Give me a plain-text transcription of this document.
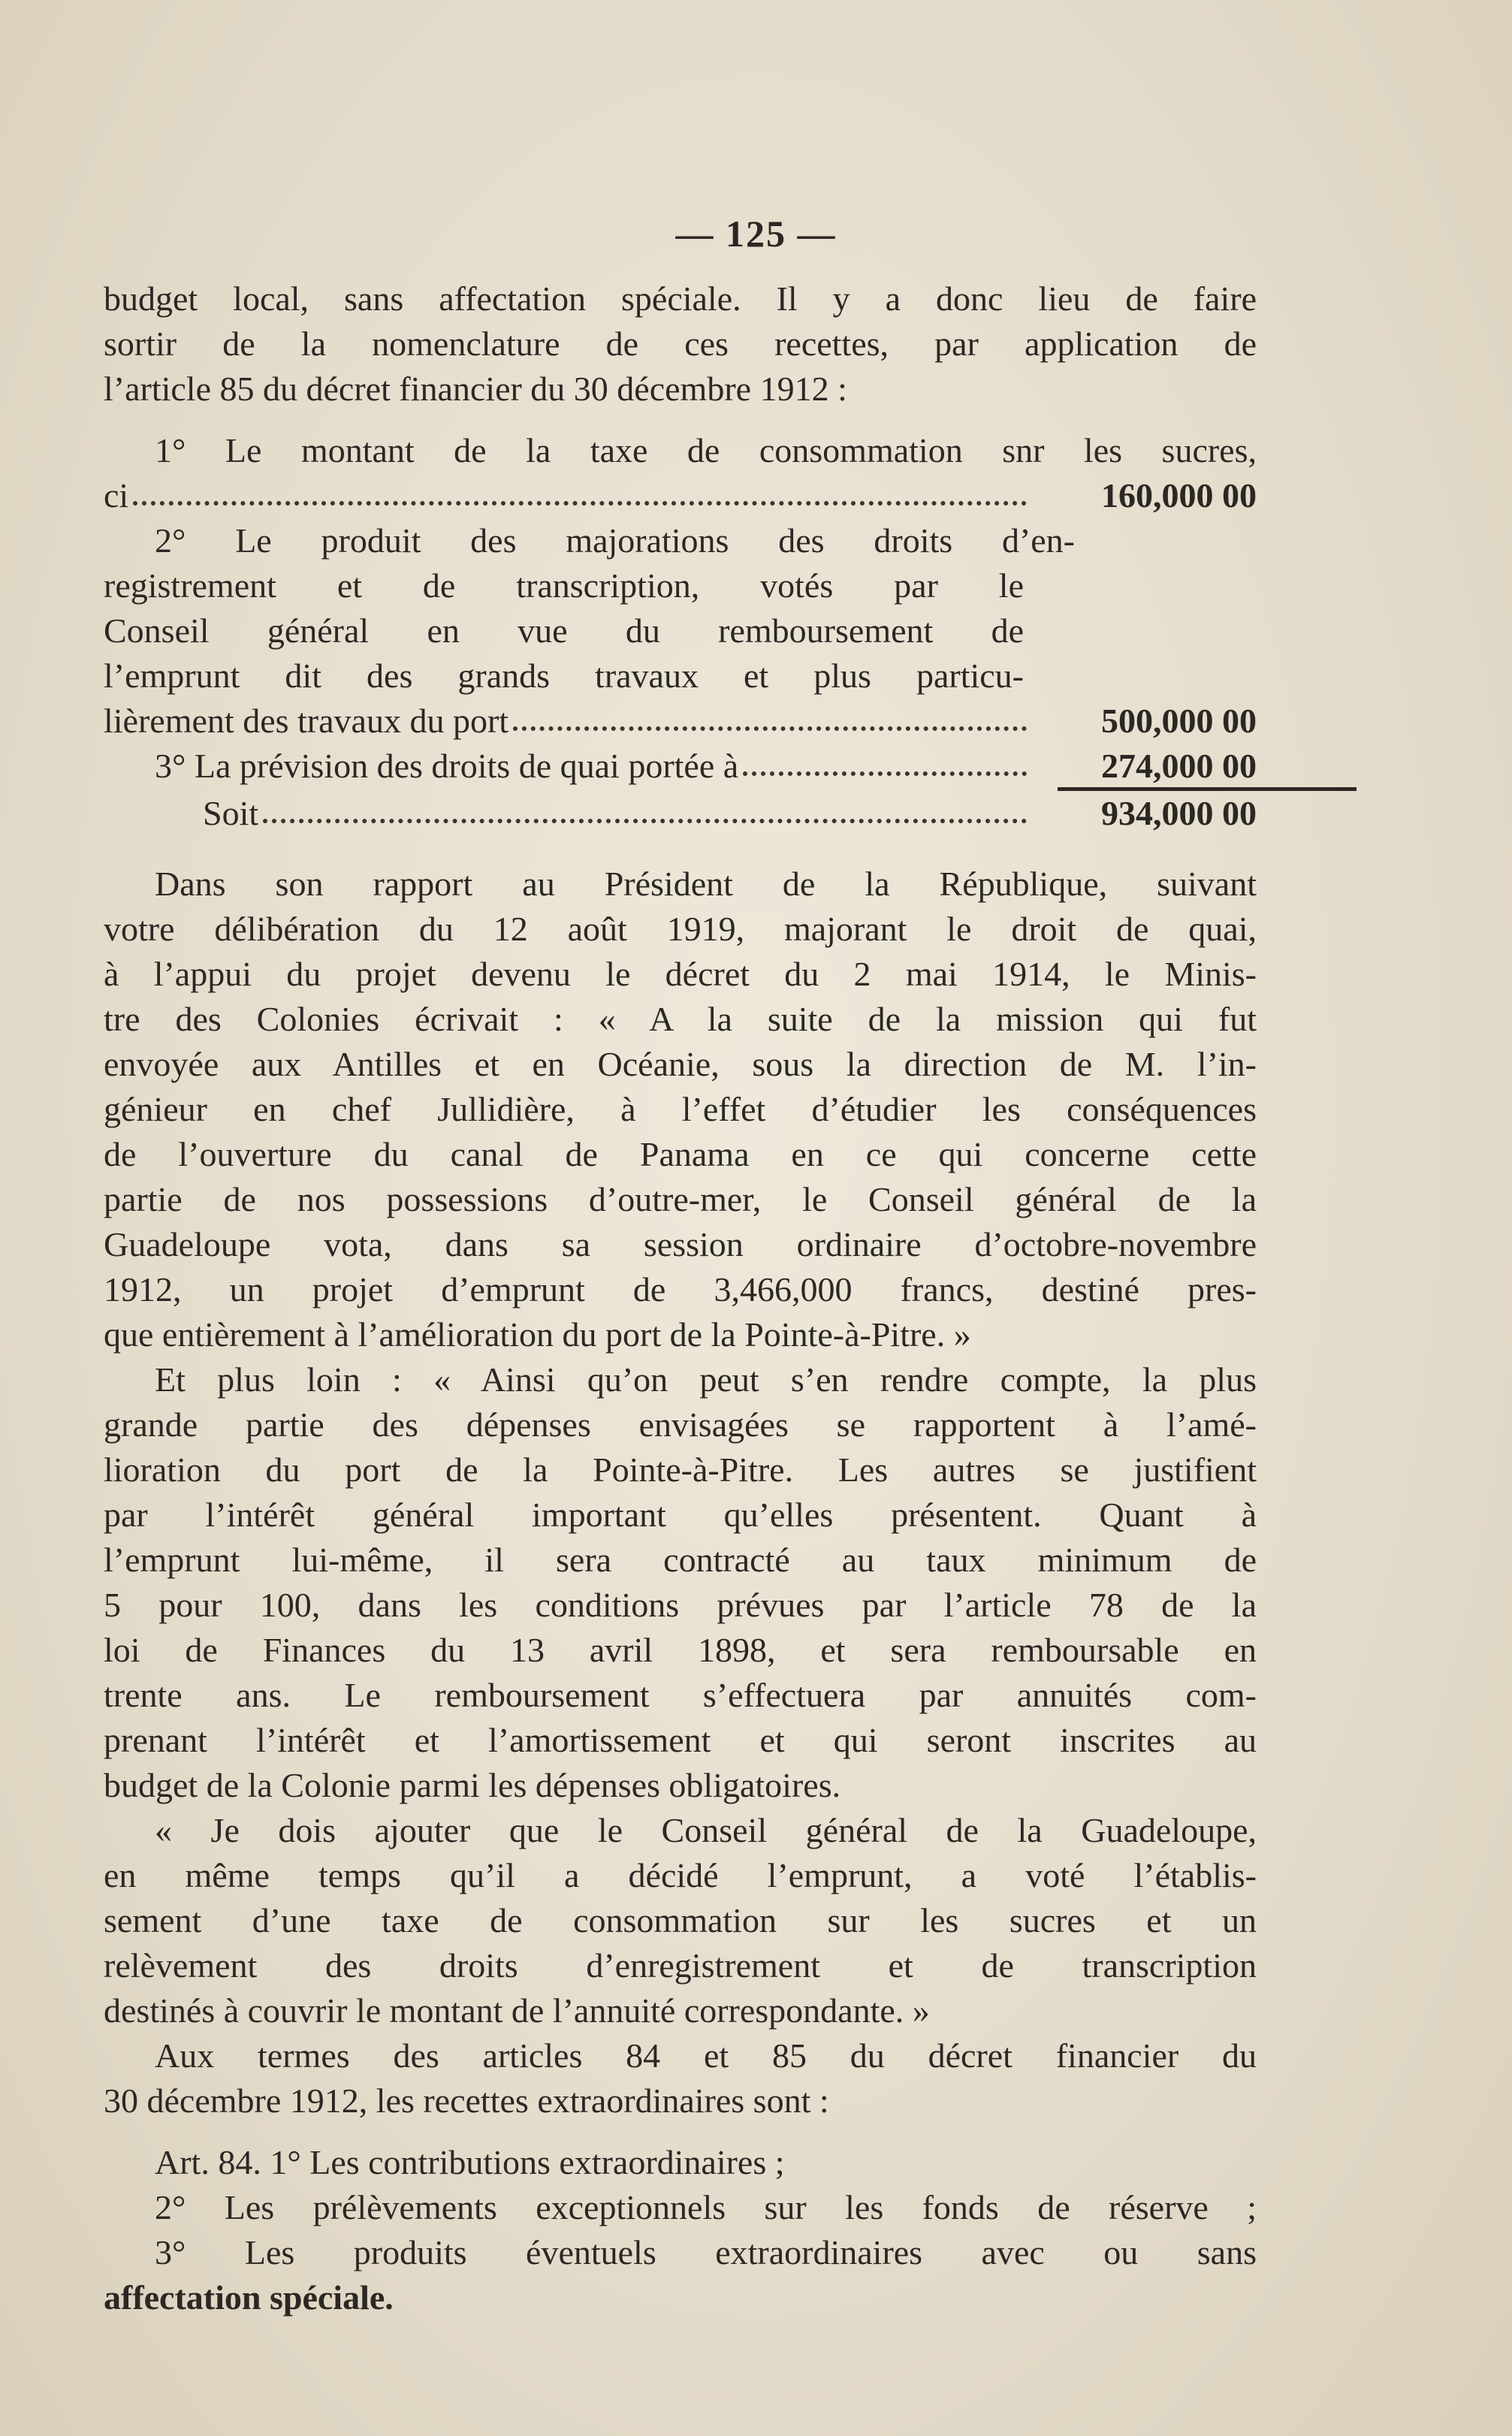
— 125 —
budget local, sans affectation spéciale. Il y a donc lieu de faire
sortir de la nomenclature de ces recettes, par application de
l’article 85 du décret financier du 30 décembre 1912 :
1° Le montant de la taxe de consommation snr les sucres,
ci	160,000 00
2° Le produit des majorations des droits d’en-
registrement et de transcription, votés par le
Conseil général en vue du remboursement de
l’emprunt dit des grands travaux et plus particu-
lièrement des travaux du port	500,000 00
3° La prévision des droits de quai portée à	274,000 00
Soit	934,000 00
Dans son rapport au Président de la République, suivant
votre délibération du 12 août 1919, majorant le droit de quai,
à l’appui du projet devenu le décret du 2 mai 1914, le Minis-
tre des Colonies écrivait : « A la suite de la mission qui fut
envoyée aux Antilles et en Océanie, sous la direction de M. l’in-
génieur en chef Jullidière, à l’effet d’étudier les conséquences
de l’ouverture du canal de Panama en ce qui concerne cette
partie de nos possessions d’outre-mer, le Conseil général de la
Guadeloupe vota, dans sa session ordinaire d’octobre-novembre
1912, un projet d’emprunt de 3,466,000 francs, destiné pres-
que entièrement à l’amélioration du port de la Pointe-à-Pitre. »
Et plus loin : « Ainsi qu’on peut s’en rendre compte, la plus
grande partie des dépenses envisagées se rapportent à l’amé-
lioration du port de la Pointe-à-Pitre. Les autres se justifient
par l’intérêt général important qu’elles présentent. Quant à
l’emprunt lui-même, il sera contracté au taux minimum de
5 pour 100, dans les conditions prévues par l’article 78 de la
loi de Finances du 13 avril 1898, et sera remboursable en
trente ans. Le remboursement s’effectuera par annuités com-
prenant l’intérêt et l’amortissement et qui seront inscrites au
budget de la Colonie parmi les dépenses obligatoires.
« Je dois ajouter que le Conseil général de la Guadeloupe,
en même temps qu’il a décidé l’emprunt, a voté l’établis-
sement d’une taxe de consommation sur les sucres et un
relèvement des droits d’enregistrement et de transcription
destinés à couvrir le montant de l’annuité correspondante. »
Aux termes des articles 84 et 85 du décret financier du
30 décembre 1912, les recettes extraordinaires sont :
Art. 84. 1° Les contributions extraordinaires ;
2° Les prélèvements exceptionnels sur les fonds de réserve ;
3° Les produits éventuels extraordinaires avec ou sans
affectation spéciale.
